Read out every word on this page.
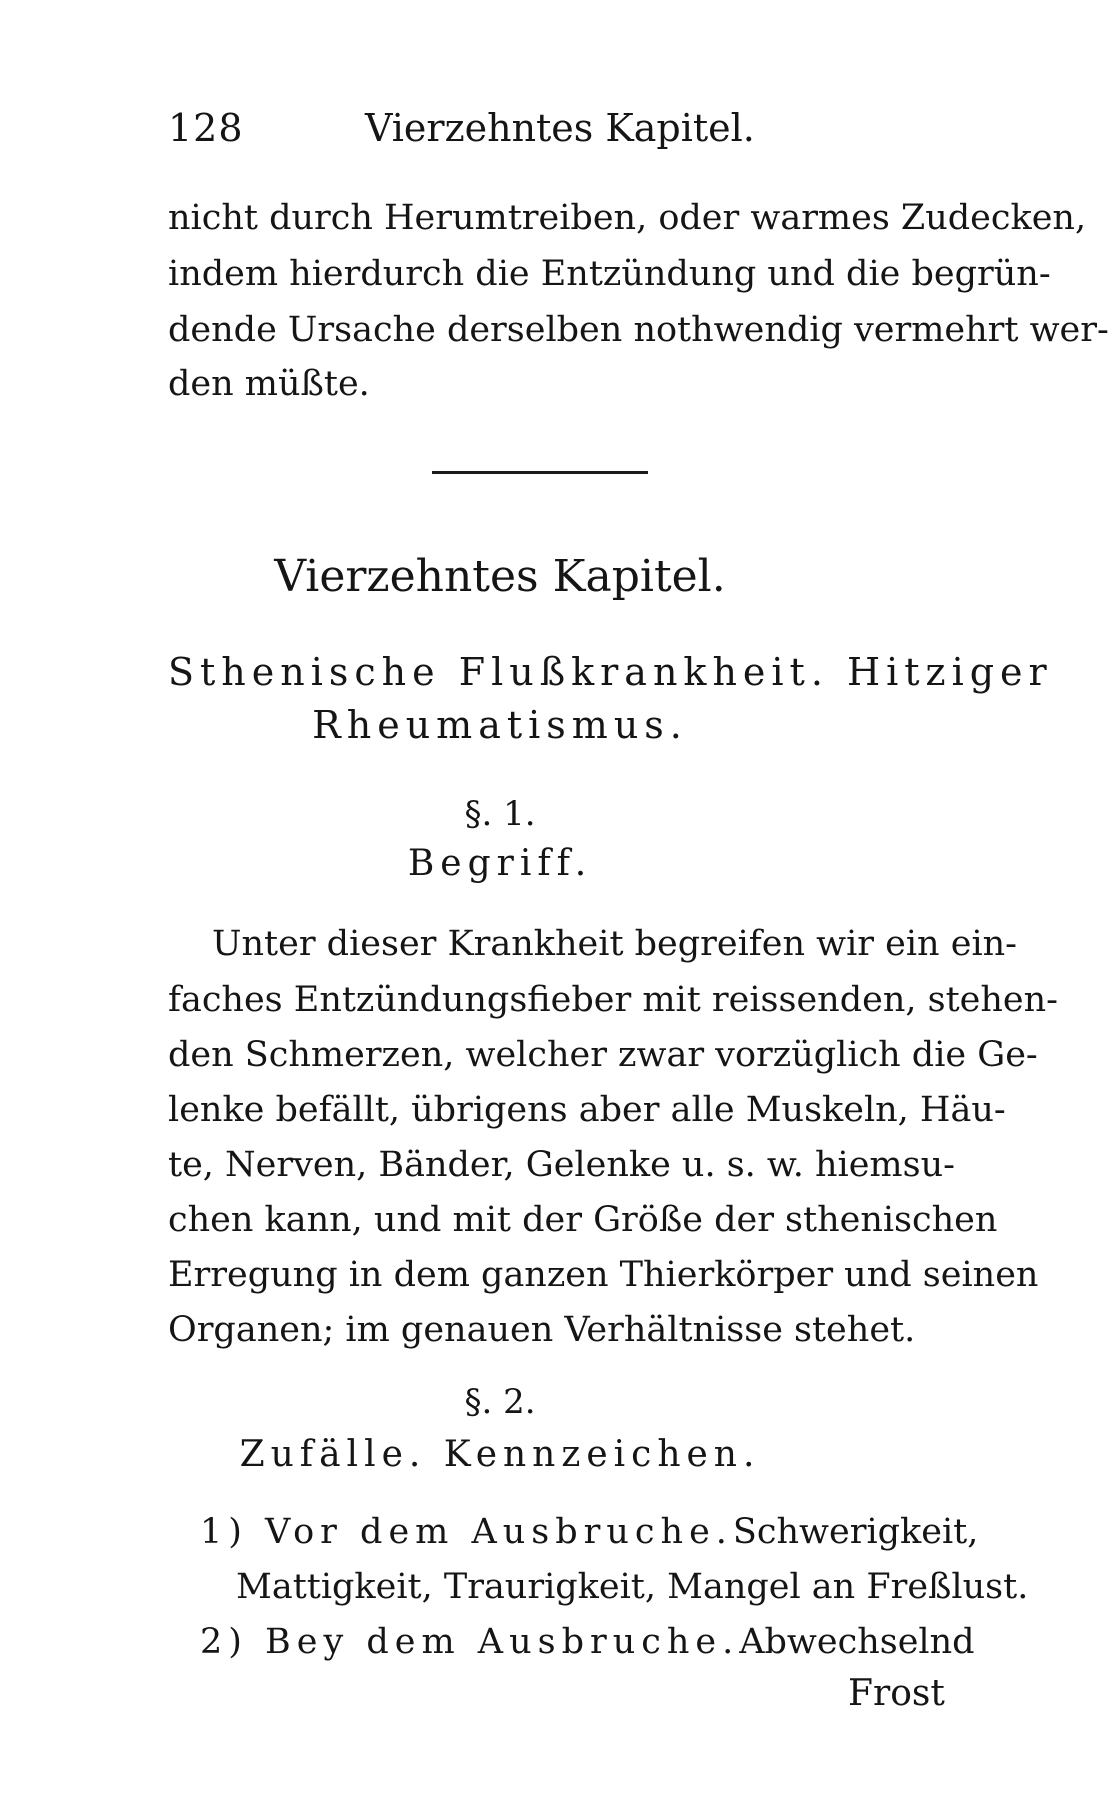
128	Vierzehntes Kapitel.
nicht durch Herumtreiben, oder warmes Zudecken,
indem hierdurch die Entzündung und die begrün-
dende Ursache derselben nothwendig vermehrt wer-
den müßte.
Vierzehntes Kapitel.
Sthenische Flußkrankheit. Hitziger
Rheumatismus.
§. 1.
Begriff.
Unter dieser Krankheit begreifen wir ein ein-
faches Entzündungsfieber mit reissenden, stehen-
den Schmerzen, welcher zwar vorzüglich die Ge-
lenke befällt, übrigens aber alle Muskeln, Häu-
te, Nerven, Bänder, Gelenke u. s. w. hiemsu-
chen kann, und mit der Größe der sthenischen
Erregung in dem ganzen Thierkörper und seinen
Organen; im genauen Verhältnisse stehet.
§. 2.
Zufälle. Kennzeichen.
1) Vor dem Ausbruche. Schwerigkeit,
Mattigkeit, Traurigkeit, Mangel an Freßlust.
2) Bey dem Ausbruche. Abwechselnd
Frost
